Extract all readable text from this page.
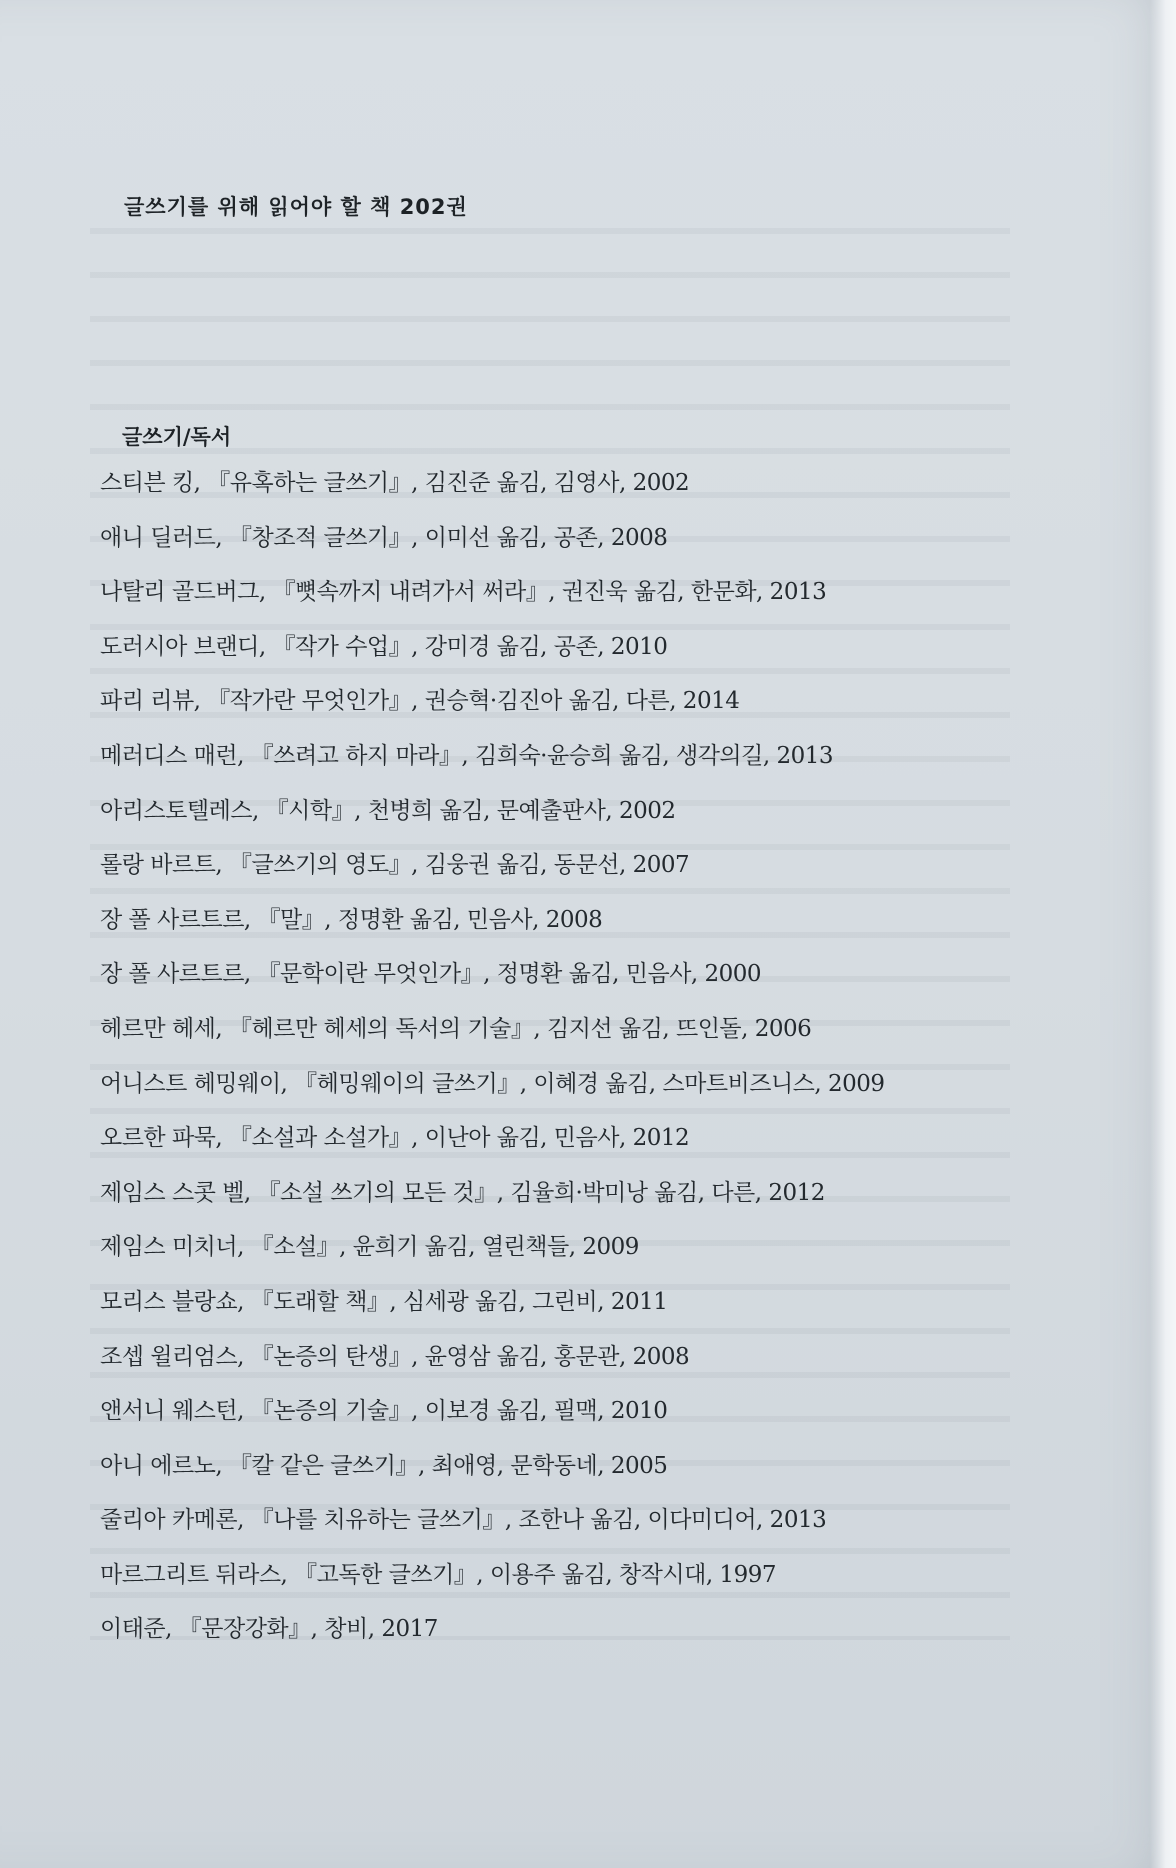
글쓰기를 위해 읽어야 할 책 202권
글쓰기/독서
스티븐 킹, 『유혹하는 글쓰기』, 김진준 옮김, 김영사, 2002
애니 딜러드, 『창조적 글쓰기』, 이미선 옮김, 공존, 2008
나탈리 골드버그, 『뼛속까지 내려가서 써라』, 권진욱 옮김, 한문화, 2013
도러시아 브랜디, 『작가 수업』, 강미경 옮김, 공존, 2010
파리 리뷰, 『작가란 무엇인가』, 권승혁·김진아 옮김, 다른, 2014
메러디스 매런, 『쓰려고 하지 마라』, 김희숙·윤승희 옮김, 생각의길, 2013
아리스토텔레스, 『시학』, 천병희 옮김, 문예출판사, 2002
롤랑 바르트, 『글쓰기의 영도』, 김웅권 옮김, 동문선, 2007
장 폴 사르트르, 『말』, 정명환 옮김, 민음사, 2008
장 폴 사르트르, 『문학이란 무엇인가』, 정명환 옮김, 민음사, 2000
헤르만 헤세, 『헤르만 헤세의 독서의 기술』, 김지선 옮김, 뜨인돌, 2006
어니스트 헤밍웨이, 『헤밍웨이의 글쓰기』, 이혜경 옮김, 스마트비즈니스, 2009
오르한 파묵, 『소설과 소설가』, 이난아 옮김, 민음사, 2012
제임스 스콧 벨, 『소설 쓰기의 모든 것』, 김율희·박미낭 옮김, 다른, 2012
제임스 미치너, 『소설』, 윤희기 옮김, 열린책들, 2009
모리스 블랑쇼, 『도래할 책』, 심세광 옮김, 그린비, 2011
조셉 윌리엄스, 『논증의 탄생』, 윤영삼 옮김, 홍문관, 2008
앤서니 웨스턴, 『논증의 기술』, 이보경 옮김, 필맥, 2010
아니 에르노, 『칼 같은 글쓰기』, 최애영, 문학동네, 2005
줄리아 카메론, 『나를 치유하는 글쓰기』, 조한나 옮김, 이다미디어, 2013
마르그리트 뒤라스, 『고독한 글쓰기』, 이용주 옮김, 창작시대, 1997
이태준, 『문장강화』, 창비, 2017
